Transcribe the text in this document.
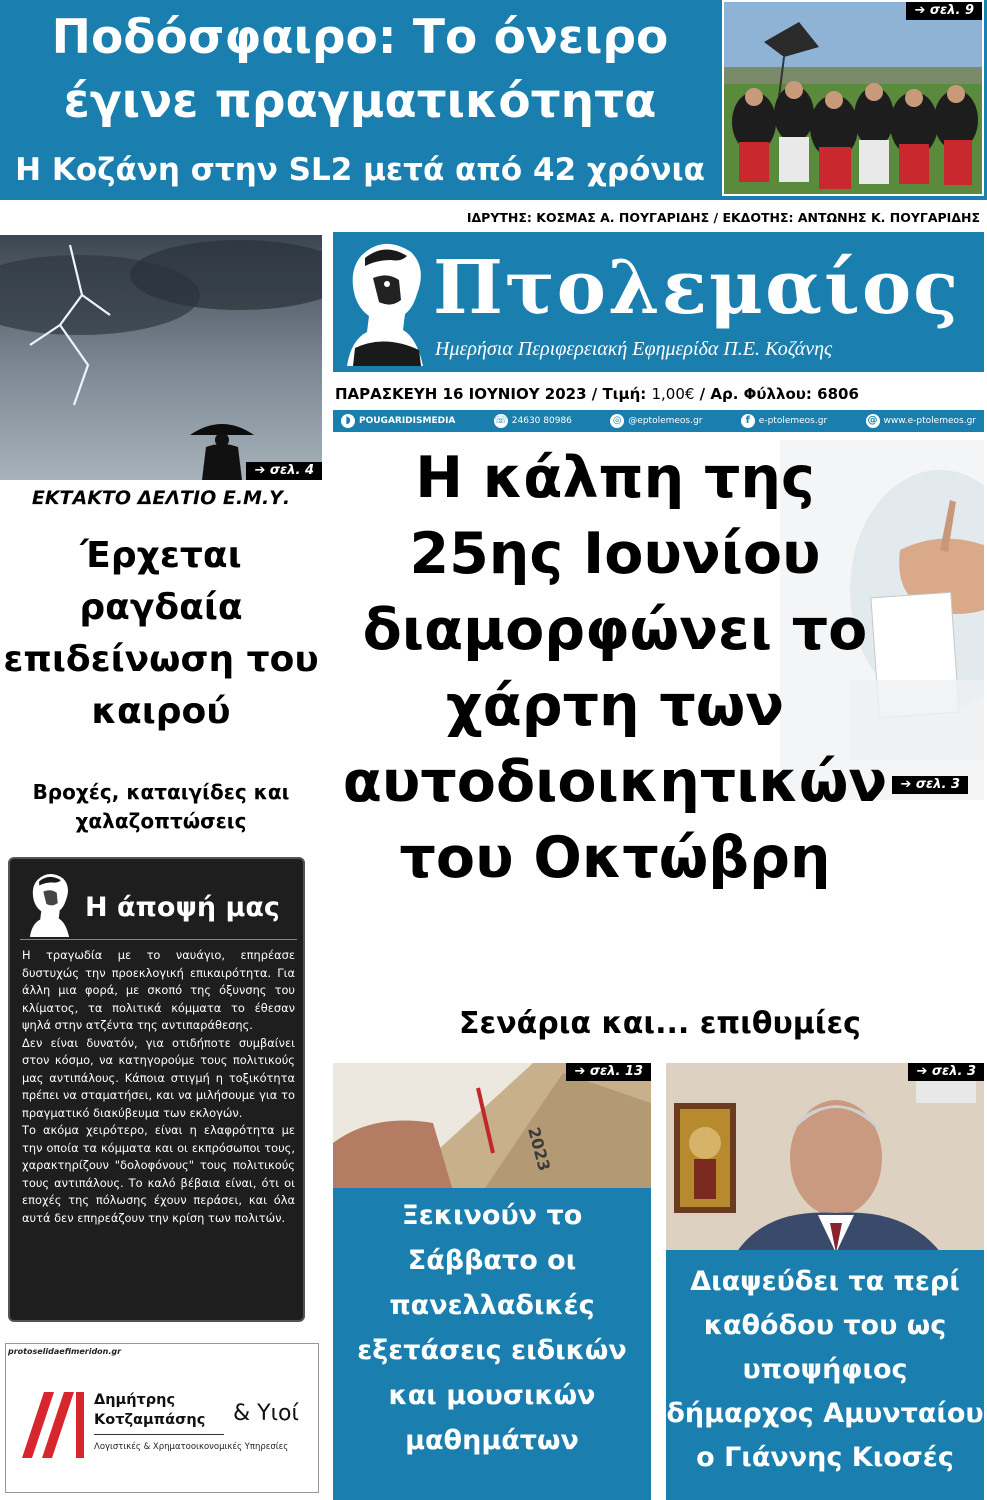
Ποδόσφαιρο: Το όνειρο έγινε πραγματικότητα
Η Κοζάνη στην SL2 μετά από 42 χρόνια
➔ σελ. 9
ΙΔΡΥΤΗΣ: ΚΟΣΜΑΣ Α. ΠΟΥΓΑΡΙΔΗΣ / ΕΚΔΟΤΗΣ: ΑΝΤΩΝΗΣ Κ. ΠΟΥΓΑΡΙΔΗΣ
Πτολεμαίος
Ημερήσια Περιφερειακή Εφημερίδα Π.Ε. Κοζάνης
ΠΑΡΑΣΚΕΥΗ 16 ΙΟΥΝΙΟΥ 2023 / Τιμή: 1,00€ / Αρ. Φύλλου: 6806
◗ POUGARIDISMEDIA	☏ 24630 80986	◎ @eptolemeos.gr	f e-ptolemeos.gr	@ www.e-ptolemeos.gr
➔ σελ. 4
ΕΚΤΑΚΤΟ ΔΕΛΤΙΟ Ε.Μ.Υ.
Έρχεται ραγδαία επιδείνωση του καιρού
Βροχές, καταιγίδες και χαλαζοπτώσεις
Η άποψή μας

Η τραγωδία με το ναυάγιο, επηρέασε δυστυχώς την προεκλογική επικαιρότητα. Για άλλη μια φορά, με σκοπό της όξυνσης του κλίματος, τα πολιτικά κόμματα το έθεσαν ψηλά στην ατζέντα της αντιπαράθεσης.

Δεν είναι δυνατόν, για οτιδήποτε συμβαίνει στον κόσμο, να κατηγορούμε τους πολιτικούς μας αντιπάλους. Κάποια στιγμή η τοξικότητα πρέπει να σταματήσει, και να μιλήσουμε για το πραγματικό διακύβευμα των εκλογών.

Το ακόμα χειρότερο, είναι η ελαφρότητα με την οποία τα κόμματα και οι εκπρόσωποι τους, χαρακτηρίζουν "δολοφόνους" τους πολιτικούς τους αντιπάλους. Το καλό βέβαια είναι, ότι οι εποχές της πόλωσης έχουν περάσει, και όλα αυτά δεν επηρεάζουν την κρίση των πολιτών.

protoselidaefimeridon.gr
Δημήτρης
Κοτζαμπάσης & Υιοί
Λογιστικές & Χρηματοοικονομικές Υπηρεσίες
➔ σελ. 3
Η κάλπη της 25ης Ιουνίου διαμορφώνει το χάρτη των αυτοδιοικητικών του Οκτώβρη
Σενάρια και... επιθυμίες
2023
➔ σελ. 13
Ξεκινούν το Σάββατο οι πανελλαδικές εξετάσεις ειδικών και μουσικών μαθημάτων
➔ σελ. 3
Διαψεύδει τα περί καθόδου του ως υποψήφιος δήμαρχος Αμυνταίου ο Γιάννης Κιοσές
